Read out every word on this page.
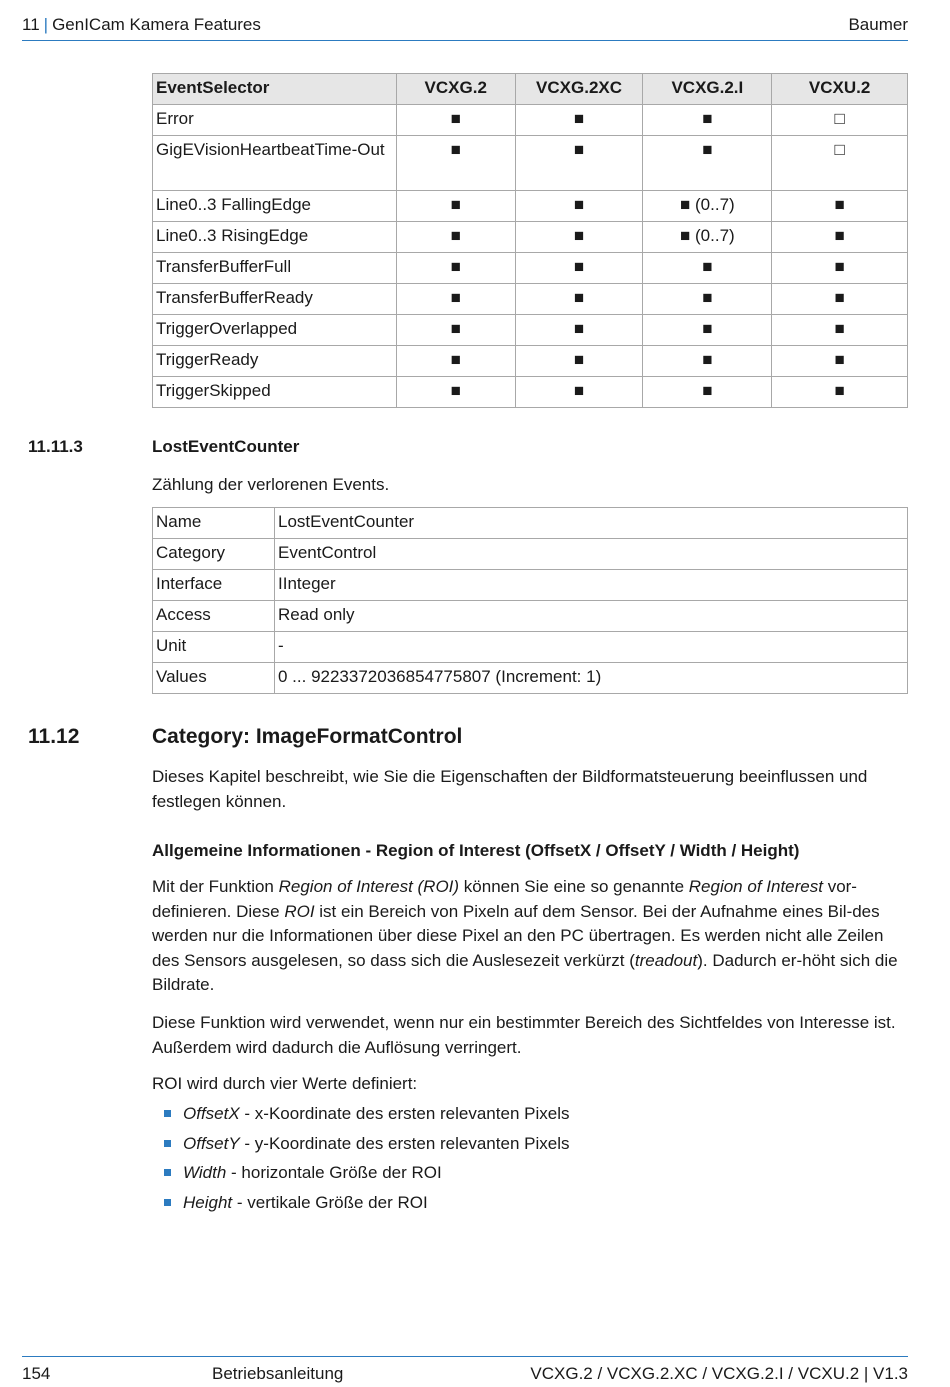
11 | GenICam Kamera Features	Baumer
EventSelector	VCXG.2	VCXG.2XC	VCXG.2.I	VCXU.2
Error	■	■	■	□
GigEVisionHeartbeatTime-Out	■	■	■	□
Line0..3 FallingEdge	■	■	■ (0..7)	■
Line0..3 RisingEdge	■	■	■ (0..7)	■
TransferBufferFull	■	■	■	■
TransferBufferReady	■	■	■	■
TriggerOverlapped	■	■	■	■
TriggerReady	■	■	■	■
TriggerSkipped	■	■	■	■
11.11.3	LostEventCounter

Zählung der verlorenen Events.

Name	LostEventCounter
Category	EventControl
Interface	IInteger
Access	Read only
Unit	-
Values	0 ... 9223372036854775807 (Increment: 1)
11.12	Category: ImageFormatControl

Dieses Kapitel beschreibt, wie Sie die Eigenschaften der Bildformatsteuerung beeinflussen und festlegen können.

Allgemeine Informationen - Region of Interest (OffsetX / OffsetY / Width / Height)

Mit der Funktion Region of Interest (ROI) können Sie eine so genannte Region of Interest vor-definieren. Diese ROI ist ein Bereich von Pixeln auf dem Sensor. Bei der Aufnahme eines Bil-des werden nur die Informationen über diese Pixel an den PC übertragen. Es werden nicht alle Zeilen des Sensors ausgelesen, so dass sich die Auslesezeit verkürzt (treadout). Dadurch er-höht sich die Bildrate.

Diese Funktion wird verwendet, wenn nur ein bestimmter Bereich des Sichtfeldes von Interesse ist. Außerdem wird dadurch die Auflösung verringert.

ROI wird durch vier Werte definiert:

OffsetX - x-Koordinate des ersten relevanten Pixels
OffsetY - y-Koordinate des ersten relevanten Pixels
Width - horizontale Größe der ROI
Height - vertikale Größe der ROI
154	Betriebsanleitung	VCXG.2 / VCXG.2.XC / VCXG.2.I / VCXU.2 | V1.3
